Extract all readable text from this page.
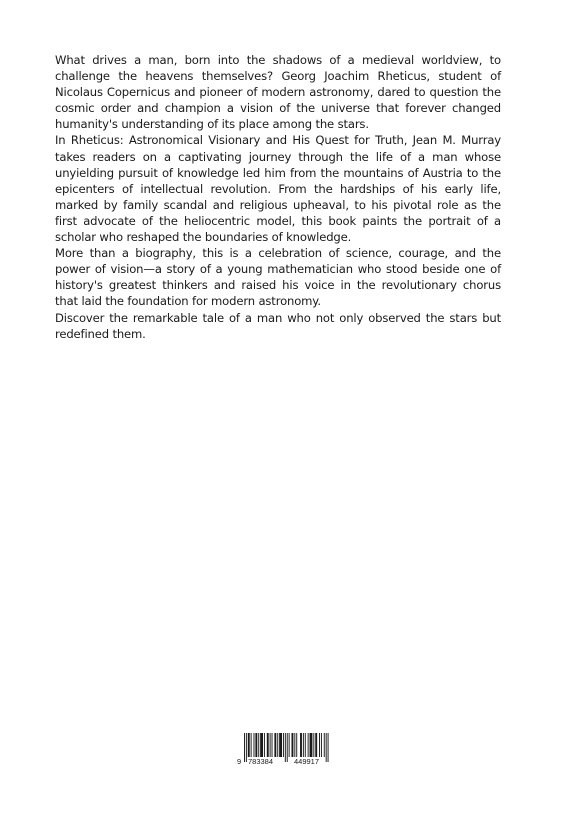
What drives a man, born into the shadows of a medieval worldview, to challenge the heavens themselves? Georg Joachim Rheticus, student of Nicolaus Copernicus and pioneer of modern astronomy, dared to question the cosmic order and champion a vision of the universe that forever changed humanity's understanding of its place among the stars.

In Rheticus: Astronomical Visionary and His Quest for Truth, Jean M. Murray takes readers on a captivating journey through the life of a man whose unyielding pursuit of knowledge led him from the mountains of Austria to the epicenters of intellectual revolution. From the hardships of his early life, marked by family scandal and religious upheaval, to his pivotal role as the first advocate of the heliocentric model, this book paints the portrait of a scholar who reshaped the boundaries of knowledge.

More than a biography, this is a celebration of science, courage, and the power of vision—a story of a young mathematician who stood beside one of history's greatest thinkers and raised his voice in the revolutionary chorus that laid the foundation for modern astronomy.

Discover the remarkable tale of a man who not only observed the stars but redefined them.

9 783384	449917
